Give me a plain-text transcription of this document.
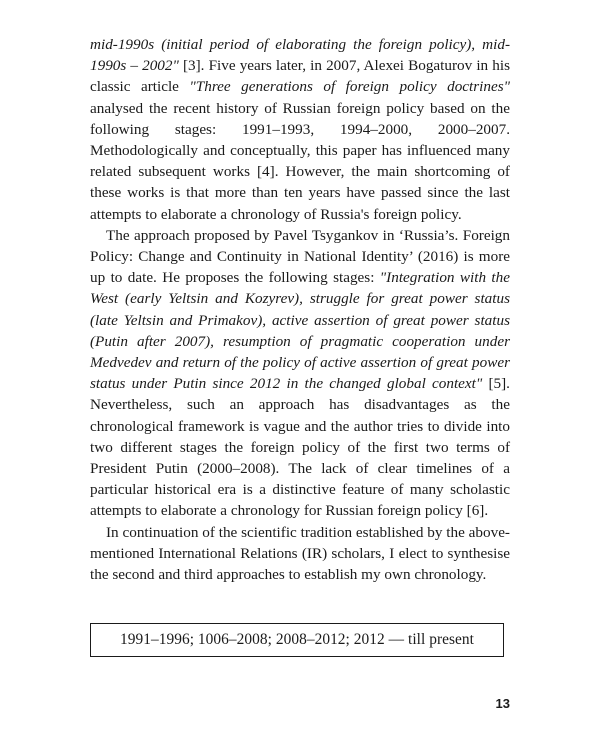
mid-1990s (initial period of elaborating the foreign policy), mid-1990s – 2002" [3]. Five years later, in 2007, Alexei Bogaturov in his classic article "Three generations of foreign policy doctrines" analysed the recent history of Russian foreign policy based on the following stages: 1991–1993, 1994–2000, 2000–2007. Methodologically and conceptually, this paper has influenced many related subsequent works [4]. However, the main shortcoming of these works is that more than ten years have passed since the last attempts to elaborate a chronology of Russia's foreign policy.

The approach proposed by Pavel Tsygankov in ‘Russia’s. Foreign Policy: Change and Continuity in National Identity’ (2016) is more up to date. He proposes the following stages: "Integration with the West (early Yeltsin and Kozyrev), struggle for great power status (late Yeltsin and Primakov), active assertion of great power status (Putin after 2007), resumption of pragmatic cooperation under Medvedev and return of the policy of active assertion of great power status under Putin since 2012 in the changed global context" [5]. Nevertheless, such an approach has disadvantages as the chronological framework is vague and the author tries to divide into two different stages the foreign policy of the first two terms of President Putin (2000–2008). The lack of clear timelines of a particular historical era is a distinctive feature of many scholastic attempts to elaborate a chronology for Russian foreign policy [6].

In continuation of the scientific tradition established by the above-mentioned International Relations (IR) scholars, I elect to synthesise the second and third approaches to establish my own chronology.

1991–1996; 1006–2008; 2008–2012; 2012 — till present
13
